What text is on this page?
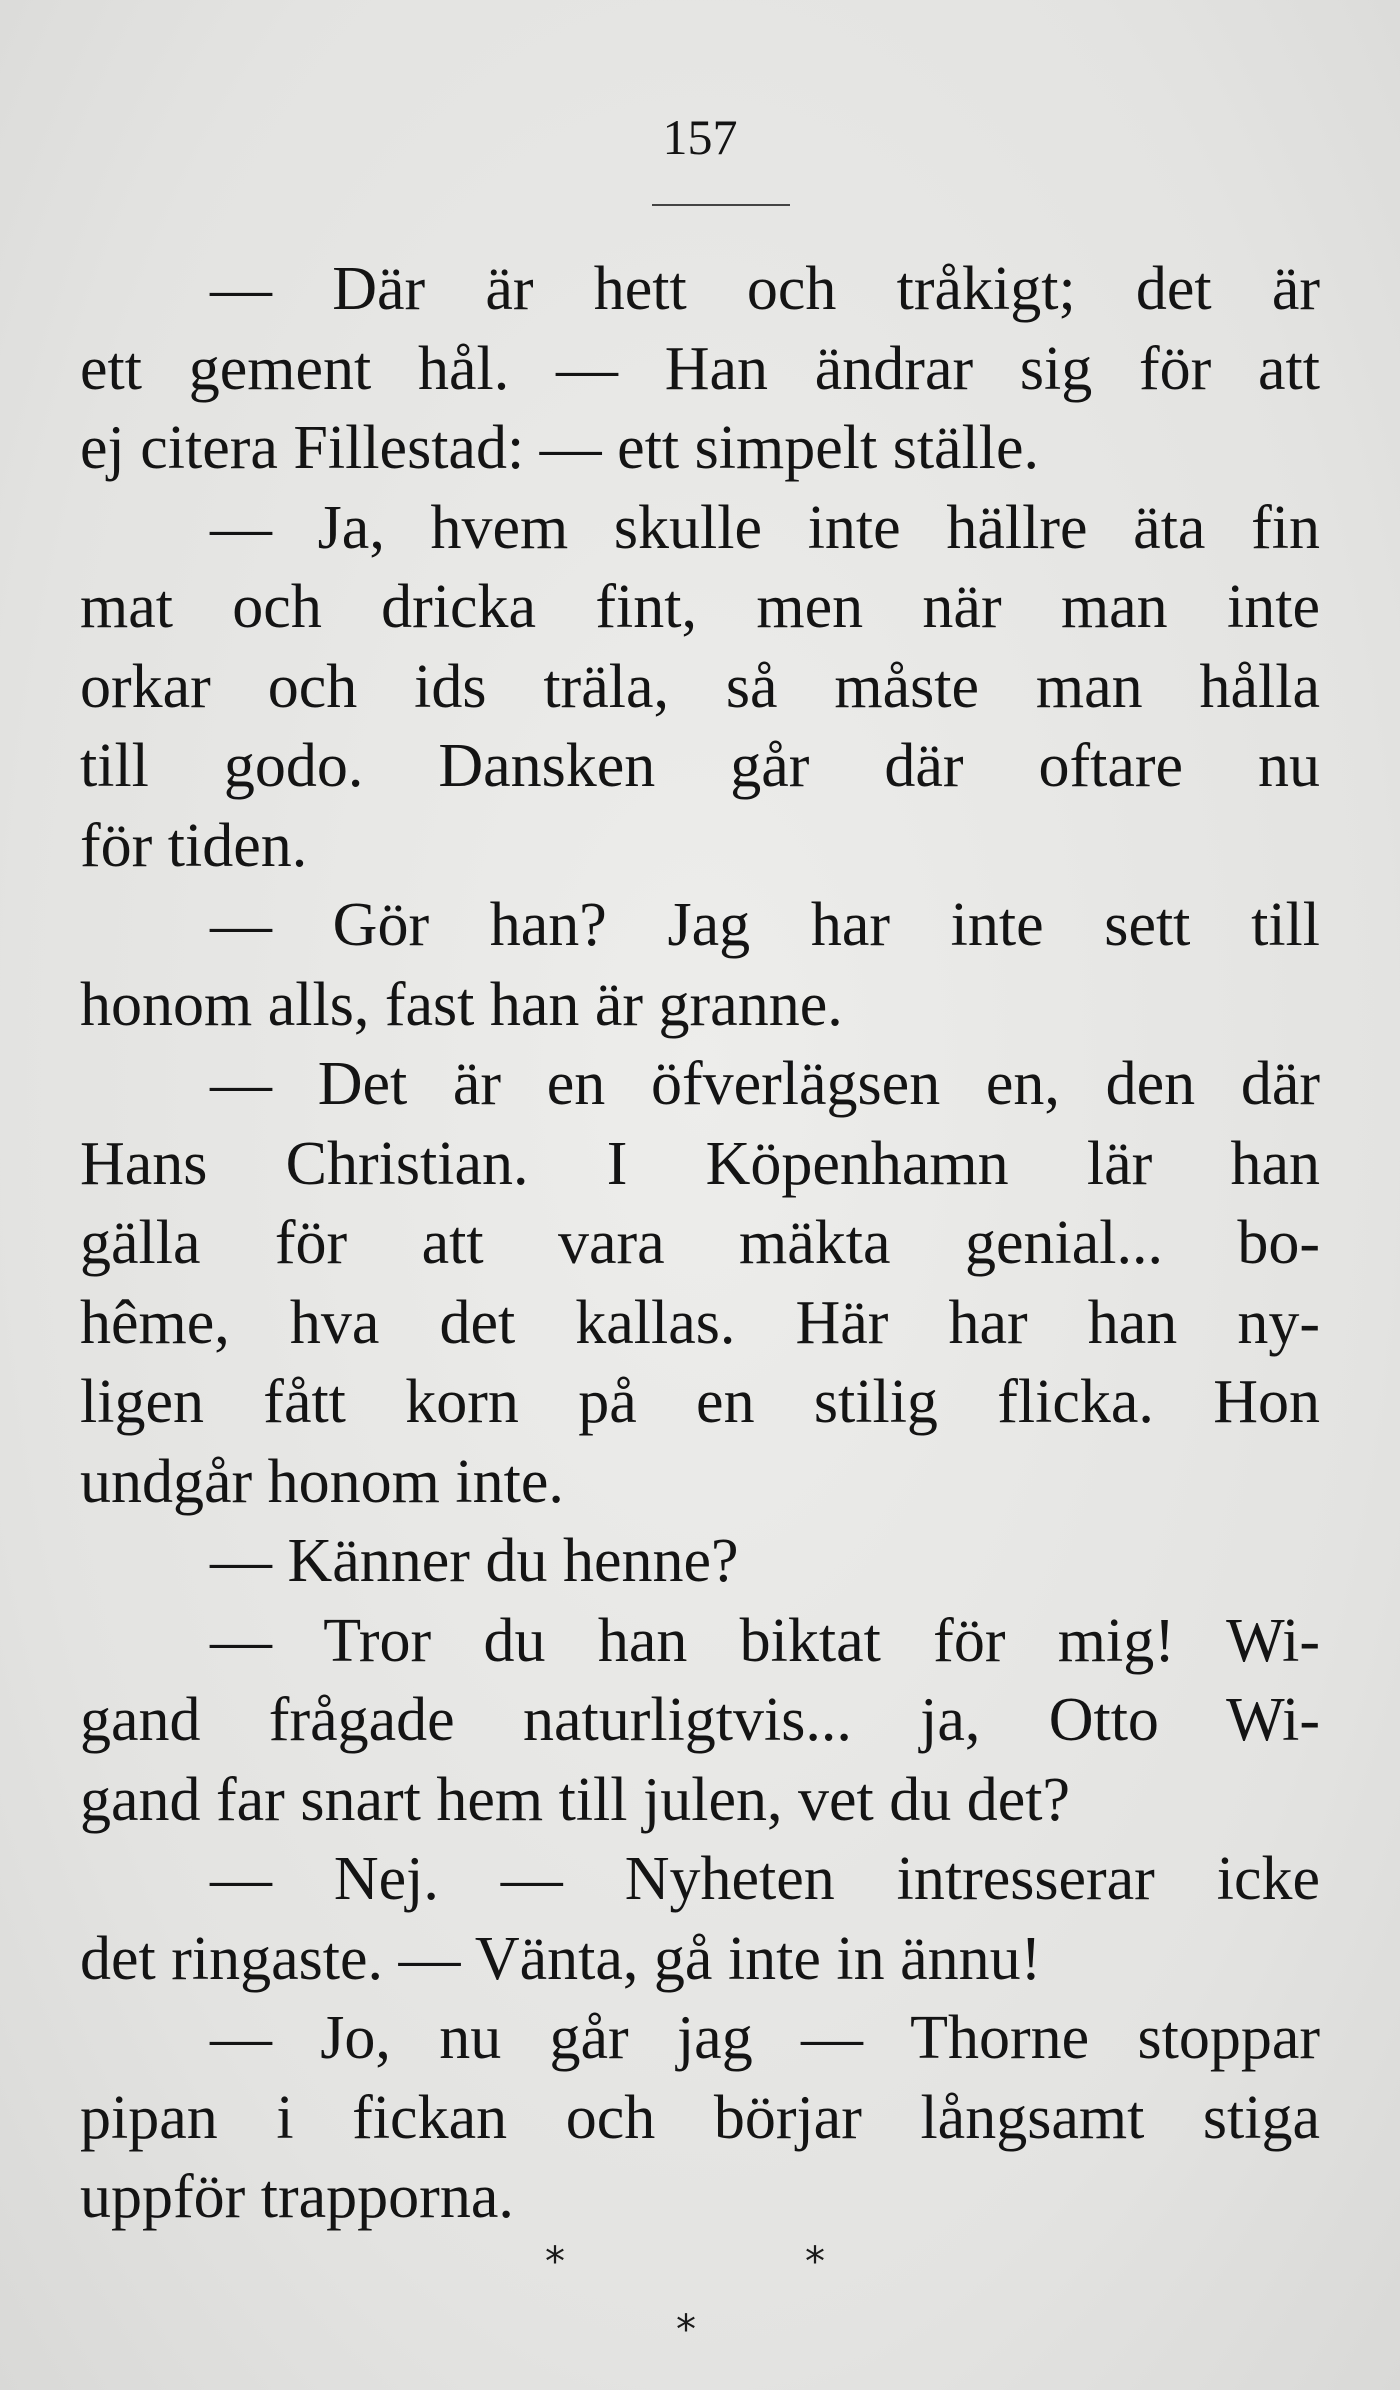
157
— Där är hett och tråkigt; det är
ett gement hål. — Han ändrar sig för att
ej citera Fillestad: — ett simpelt ställe.
— Ja, hvem skulle inte hällre äta fin
mat och dricka fint, men när man inte
orkar och ids träla, så måste man hålla
till godo. Dansken går där oftare nu
för tiden.
— Gör han? Jag har inte sett till
honom alls, fast han är granne.
— Det är en öfverlägsen en, den där
Hans Christian. I Köpenhamn lär han
gälla för att vara mäkta genial... bo-
hême, hva det kallas. Här har han ny-
ligen fått korn på en stilig flicka. Hon
undgår honom inte.
— Känner du henne?
— Tror du han biktat för mig! Wi-
gand frågade naturligtvis... ja, Otto Wi-
gand far snart hem till julen, vet du det?
— Nej. — Nyheten intresserar icke
det ringaste. — Vänta, gå inte in ännu!
— Jo, nu går jag — Thorne stoppar
pipan i fickan och börjar långsamt stiga
uppför trapporna.
*	*
*
